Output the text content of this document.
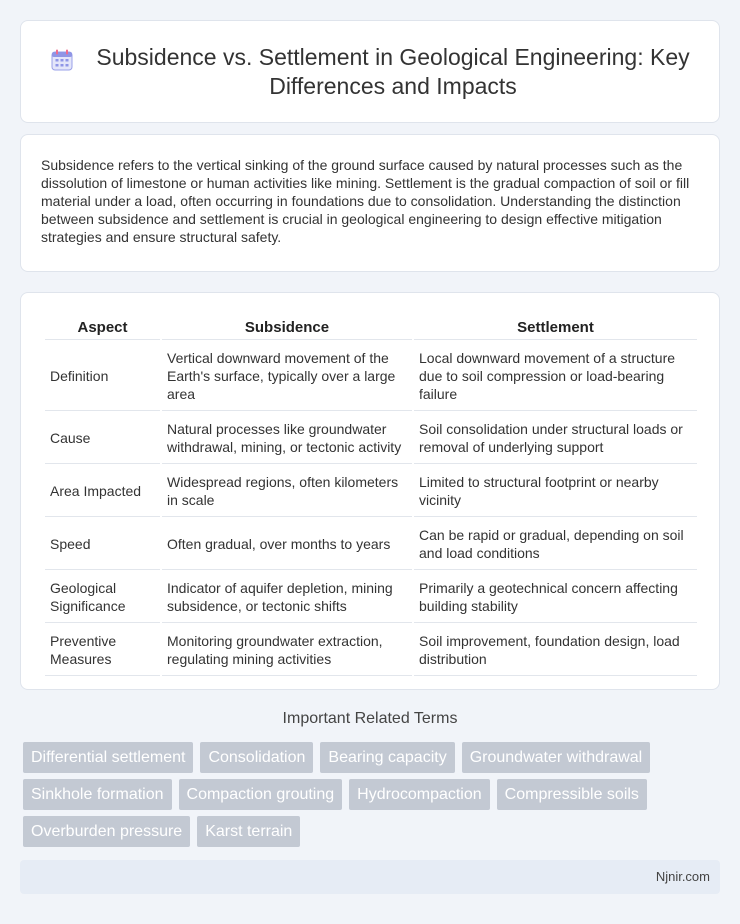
Subsidence vs. Settlement in Geological Engineering: Key Differences and Impacts

Subsidence refers to the vertical sinking of the ground surface caused by natural processes such as the dissolution of limestone or human activities like mining. Settlement is the gradual compaction of soil or fill material under a load, often occurring in foundations due to consolidation. Understanding the distinction between subsidence and settlement is crucial in geological engineering to design effective mitigation strategies and ensure structural safety.

Aspect	Subsidence	Settlement
Definition	Vertical downward movement of the Earth's surface, typically over a large area	Local downward movement of a structure due to soil compression or load-bearing failure
Cause	Natural processes like groundwater withdrawal, mining, or tectonic activity	Soil consolidation under structural loads or removal of underlying support
Area Impacted	Widespread regions, often kilometers in scale	Limited to structural footprint or nearby vicinity
Speed	Often gradual, over months to years	Can be rapid or gradual, depending on soil and load conditions
Geological Significance	Indicator of aquifer depletion, mining subsidence, or tectonic shifts	Primarily a geotechnical concern affecting building stability
Preventive Measures	Monitoring groundwater extraction, regulating mining activities	Soil improvement, foundation design, load distribution
Important Related Terms
Differential settlement	Consolidation	Bearing capacity	Groundwater withdrawal
Sinkhole formation	Compaction grouting	Hydrocompaction	Compressible soils
Overburden pressure	Karst terrain
Njnir.com
